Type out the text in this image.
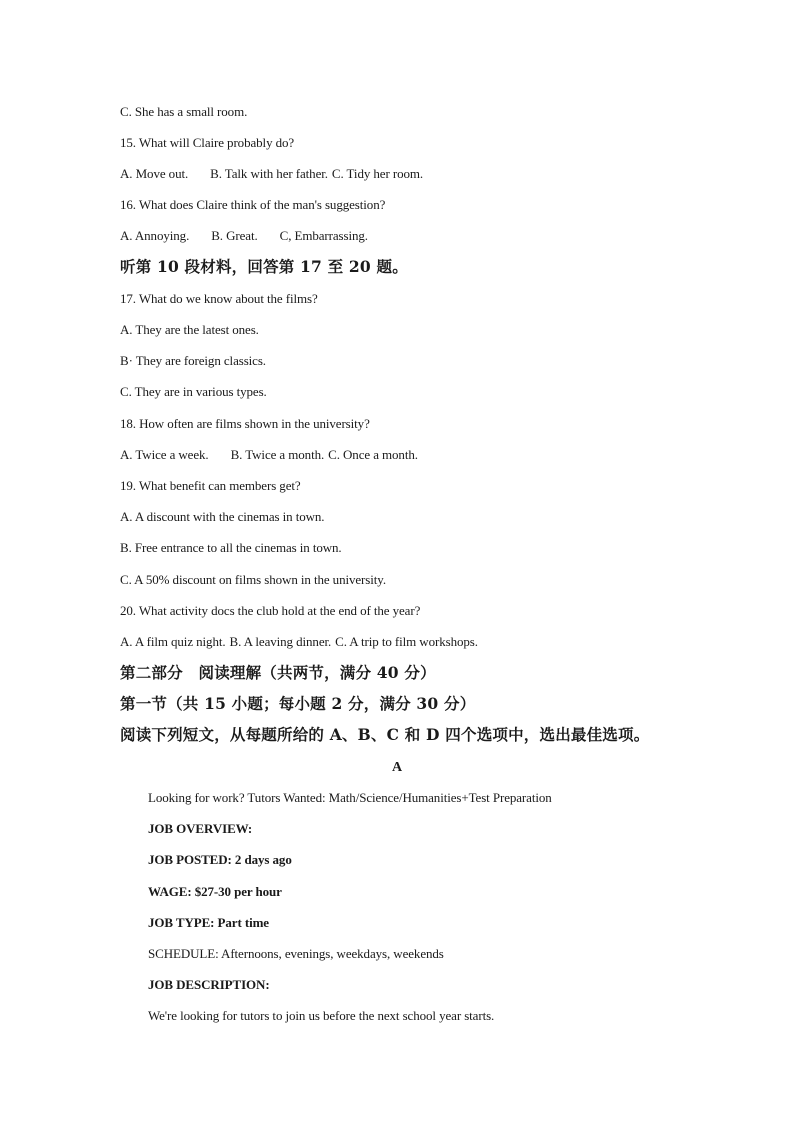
C. She has a small room.
15. What will Claire probably do?
A. Move out. B. Talk with her father. C. Tidy her room.
16. What does Claire think of the man's suggestion?
A. Annoying. B. Great. C, Embarrassing.
听第 10 段材料，回答第 17 至 20 题。
17. What do we know about the films?
A. They are the latest ones.
B· They are foreign classics.
C. They are in various types.
18. How often are films shown in the university?
A. Twice a week. B. Twice a month. C. Once a month.
19. What benefit can members get?
A. A discount with the cinemas in town.
B. Free entrance to all the cinemas in town.
C. A 50% discount on films shown in the university.
20. What activity docs the club hold at the end of the year?
A. A film quiz night. B. A leaving dinner. C. A trip to film workshops.
第二部分　阅读理解（共两节，满分 40 分）
第一节（共 15 小题；每小题 2 分，满分 30 分）
阅读下列短文，从每题所给的 A、B、C 和 D 四个选项中，选出最佳选项。
A
Looking for work? Tutors Wanted: Math/Science/Humanities+Test Preparation
JOB OVERVIEW:
JOB POSTED: 2 days ago
WAGE: $27-30 per hour
JOB TYPE: Part time
SCHEDULE: Afternoons, evenings, weekdays, weekends
JOB DESCRIPTION:
We're looking for tutors to join us before the next school year starts.
